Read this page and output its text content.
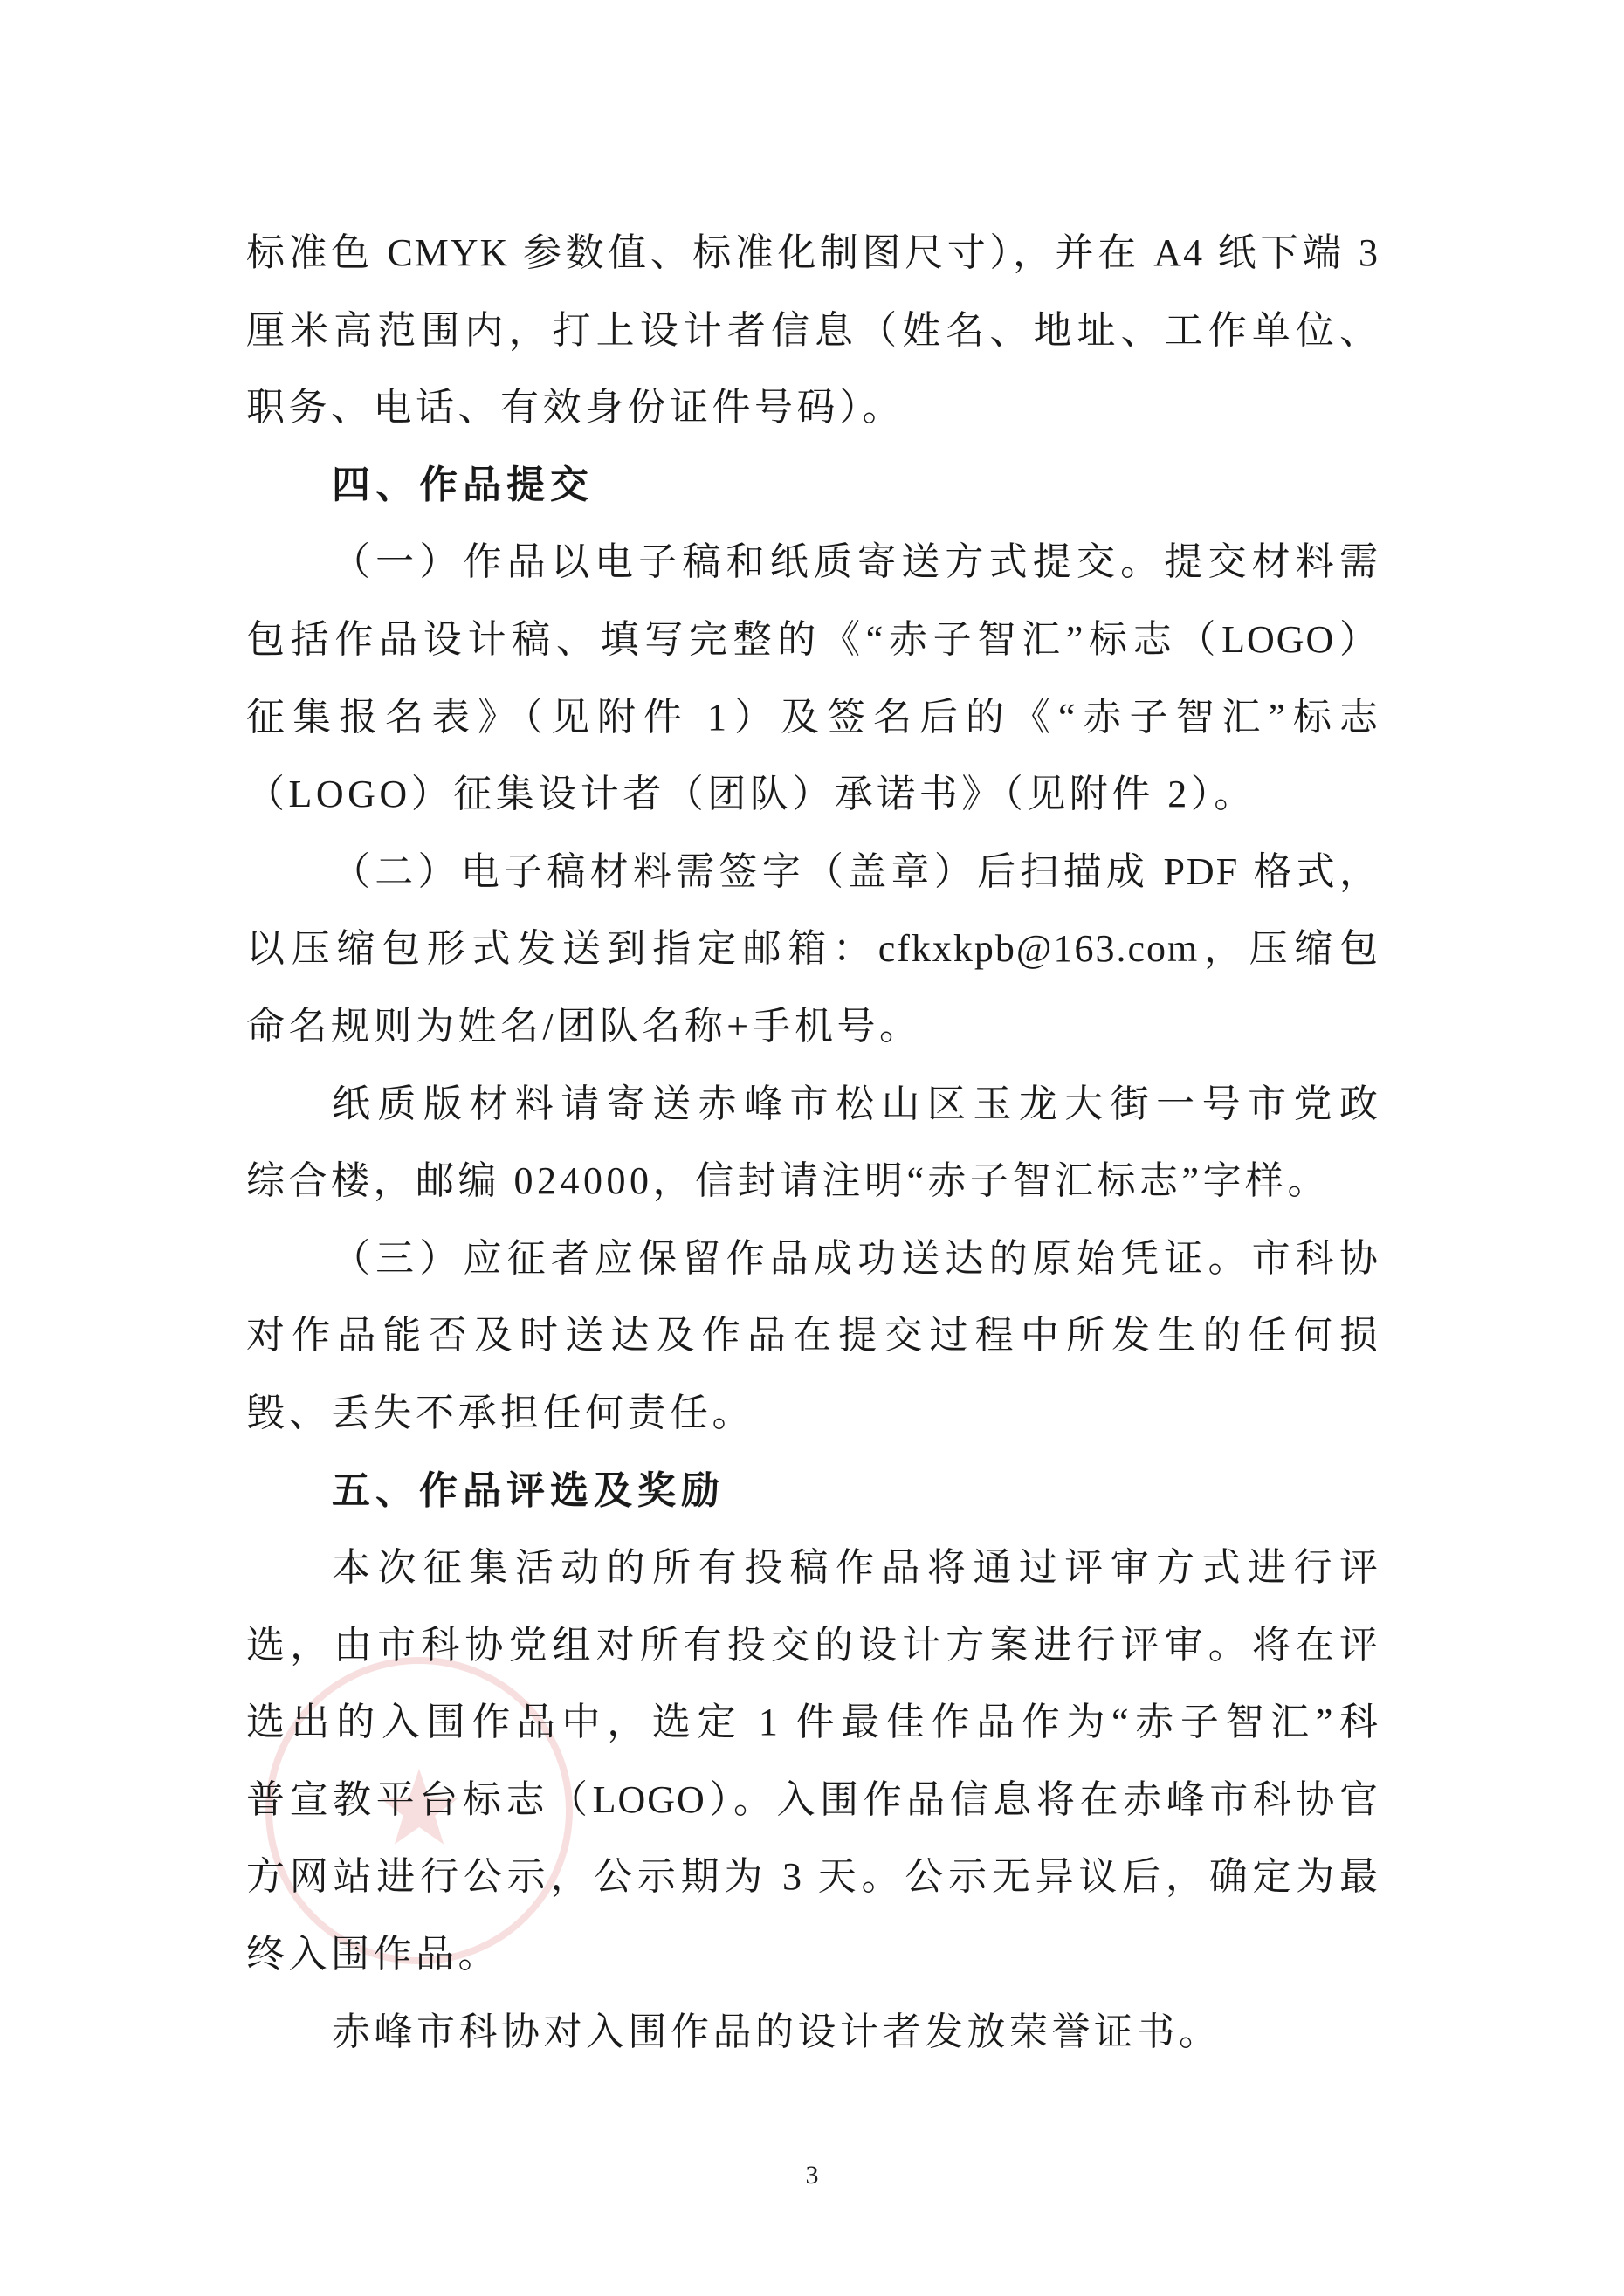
标准色 CMYK 参数值、标准化制图尺寸），并在 A4 纸下端 3
厘米高范围内，打上设计者信息（姓名、地址、工作单位、
职务、电话、有效身份证件号码）。
四、作品提交
（一）作品以电子稿和纸质寄送方式提交。提交材料需
包括作品设计稿、填写完整的《“赤子智汇”标志（LOGO）
征集报名表》（见附件 1）及签名后的《“赤子智汇”标志
（LOGO）征集设计者（团队）承诺书》（见附件 2）。
（二）电子稿材料需签字（盖章）后扫描成 PDF 格式，
以压缩包形式发送到指定邮箱：cfkxkpb@163.com，压缩包
命名规则为姓名/团队名称+手机号。
纸质版材料请寄送赤峰市松山区玉龙大街一号市党政
综合楼，邮编 024000，信封请注明“赤子智汇标志”字样。
（三）应征者应保留作品成功送达的原始凭证。市科协
对作品能否及时送达及作品在提交过程中所发生的任何损
毁、丢失不承担任何责任。
五、作品评选及奖励
本次征集活动的所有投稿作品将通过评审方式进行评
选，由市科协党组对所有投交的设计方案进行评审。将在评
选出的入围作品中，选定 1 件最佳作品作为“赤子智汇”科
普宣教平台标志（LOGO）。入围作品信息将在赤峰市科协官
方网站进行公示，公示期为 3 天。公示无异议后，确定为最
终入围作品。
赤峰市科协对入围作品的设计者发放荣誉证书。
3
